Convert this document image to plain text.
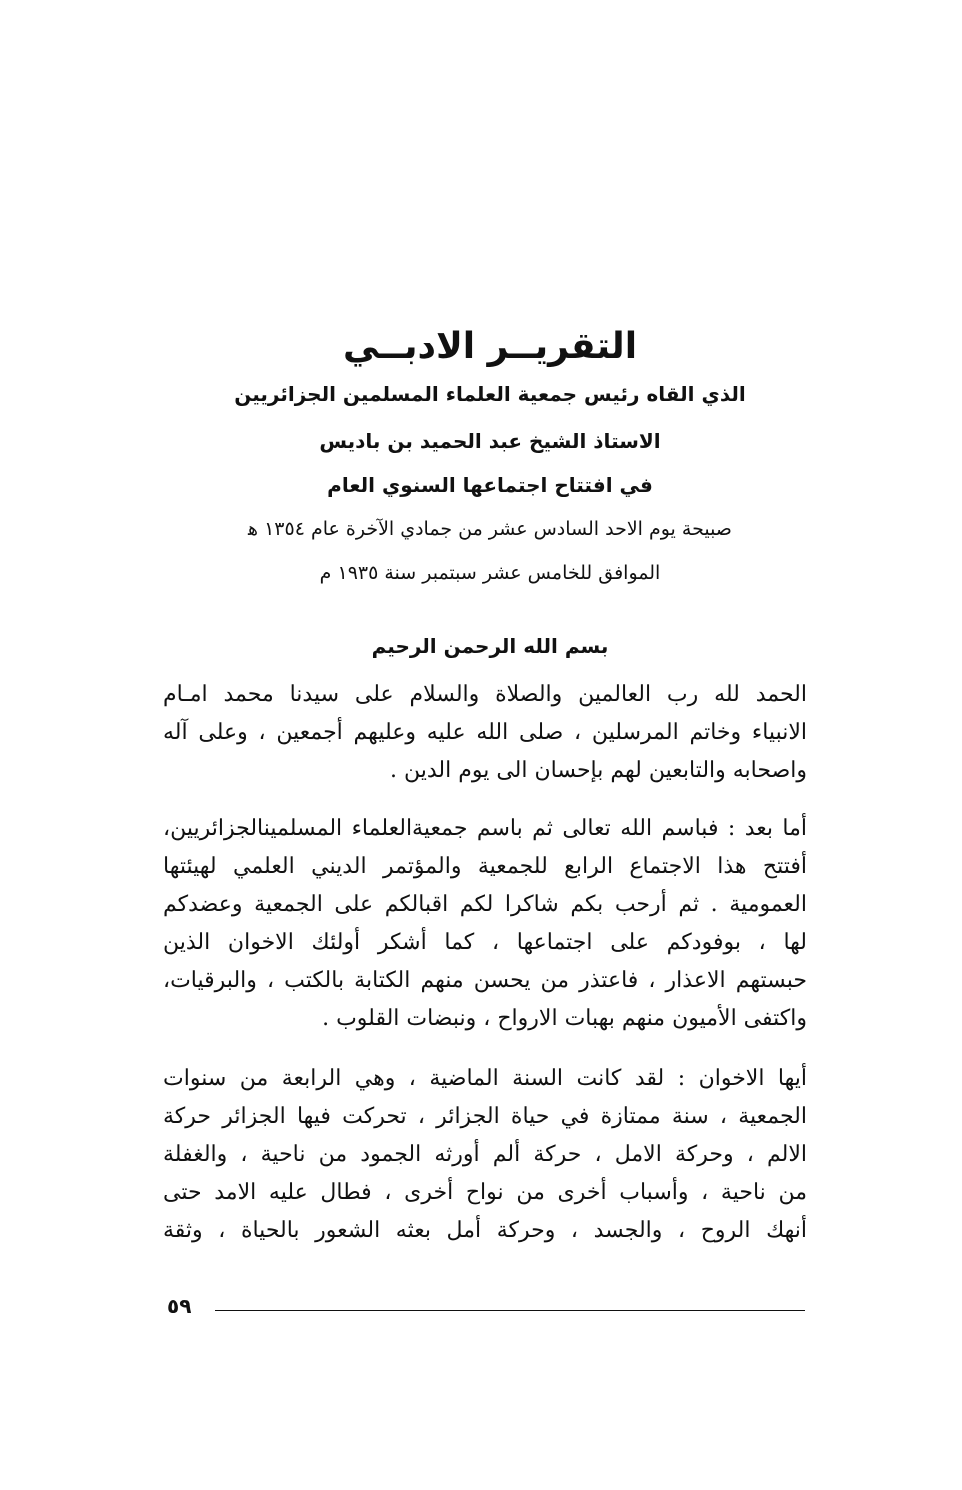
التقريــر الادبــي
الذي القاه رئيس جمعية العلماء المسلمين الجزائريين
الاستاذ الشيخ عبد الحميد بن باديس
في افتتاح اجتماعها السنوي العام
صبيحة يوم الاحد السادس عشر من جمادي الآخرة عام ١٣٥٤ ﻫ
الموافق للخامس عشر سبتمبر سنة ١٩٣٥ م
بسم الله الرحمن الرحيم
الحمد لله رب العالمين والصلاة والسلام على سيدنا محمد امـام
الانبياء وخاتم المرسلين ، صلى الله عليه وعليهم أجمعين ، وعلى آله
واصحابه والتابعين لهم بإحسان الى يوم الدين .
أما بعد : فباسم الله تعالى ثم باسم جمعيةالعلماء المسلمينالجزائريين،
أفتتح هذا الاجتماع الرابع للجمعية والمؤتمر الديني العلمي لهيئتها
العمومية . ثم أرحب بكم شاكرا لكم اقبالكم على الجمعية وعضدكم
لها ، بوفودكم على اجتماعها ، كما أشكر أولئك الاخوان الذين
حبستهم الاعذار ، فاعتذر من يحسن منهم الكتابة بالكتب ، والبرقيات،
واكتفى الأميون منهم بهبات الارواح ، ونبضات القلوب .
أيها الاخوان : لقد كانت السنة الماضية ، وهي الرابعة من سنوات
الجمعية ، سنة ممتازة في حياة الجزائر ، تحركت فيها الجزائر حركة
الالم ، وحركة الامل ، حركة ألم أورثه الجمود من ناحية ، والغفلة
من ناحية ، وأسباب أخرى من نواح أخرى ، فطال عليه الامد حتى
أنهك الروح ، والجسد ، وحركة أمل بعثه الشعور بالحياة ، وثقة
٥٩
